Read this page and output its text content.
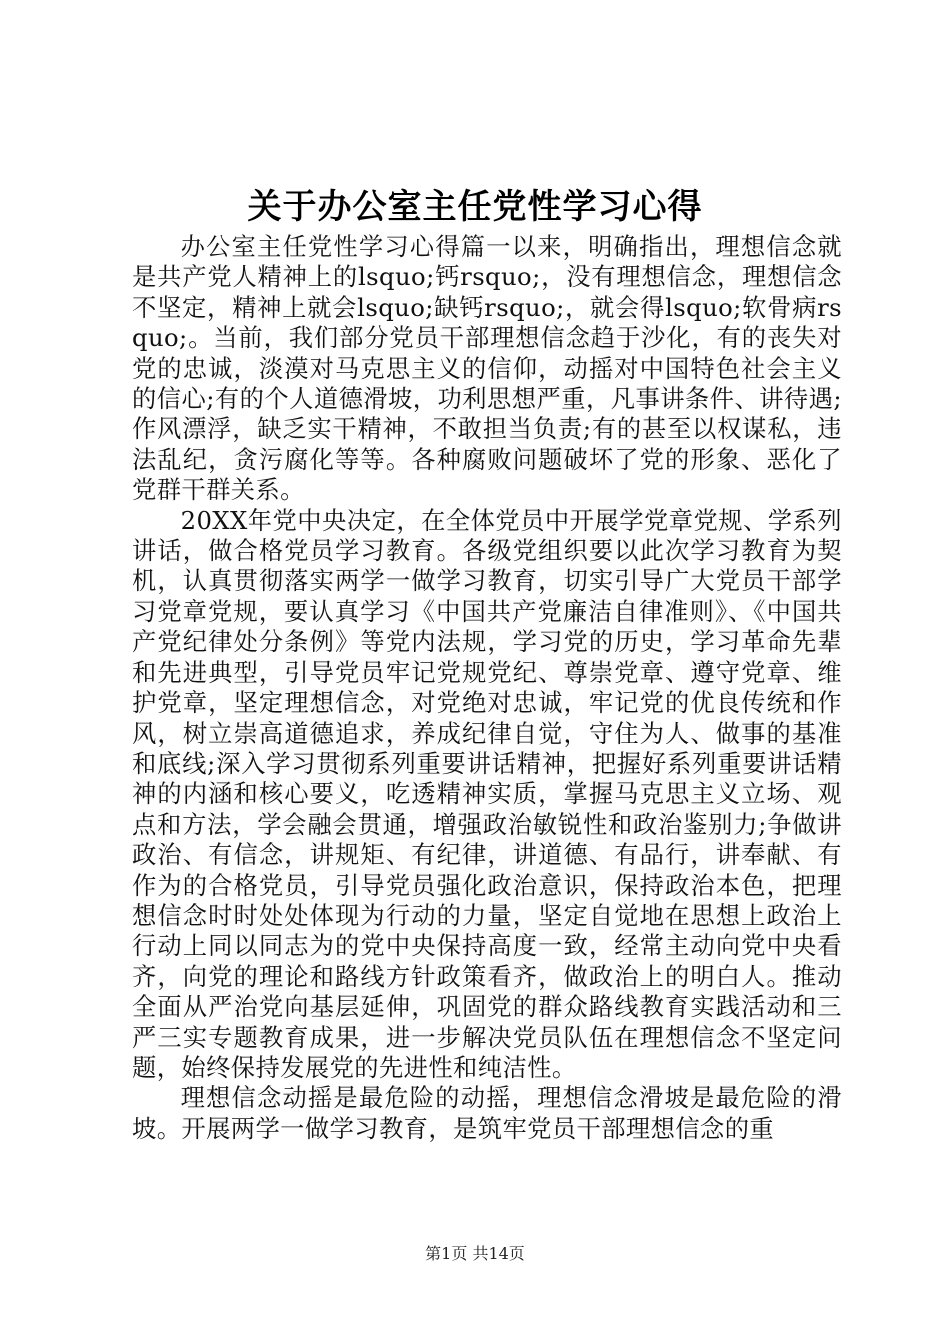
关于办公室主任党性学习心得

办公室主任党性学习心得篇一以来，明确指出，理想信念就是共产党人精神上的lsquo;钙rsquo;，没有理想信念，理想信念不坚定，精神上就会lsquo;缺钙rsquo;，就会得lsquo;软骨病rsquo;。当前，我们部分党员干部理想信念趋于沙化，有的丧失对党的忠诚，淡漠对马克思主义的信仰，动摇对中国特色社会主义的信心;有的个人道德滑坡，功利思想严重，凡事讲条件、讲待遇;作风漂浮，缺乏实干精神，不敢担当负责;有的甚至以权谋私，违法乱纪，贪污腐化等等。各种腐败问题破坏了党的形象、恶化了党群干群关系。

20XX年党中央决定，在全体党员中开展学党章党规、学系列讲话，做合格党员学习教育。各级党组织要以此次学习教育为契机，认真贯彻落实两学一做学习教育，切实引导广大党员干部学习党章党规，要认真学习《中国共产党廉洁自律准则》、《中国共产党纪律处分条例》等党内法规，学习党的历史，学习革命先辈和先进典型，引导党员牢记党规党纪、尊崇党章、遵守党章、维护党章，坚定理想信念，对党绝对忠诚，牢记党的优良传统和作风，树立崇高道德追求，养成纪律自觉，守住为人、做事的基准和底线;深入学习贯彻系列重要讲话精神，把握好系列重要讲话精神的内涵和核心要义，吃透精神实质，掌握马克思主义立场、观点和方法，学会融会贯通，增强政治敏锐性和政治鉴别力;争做讲政治、有信念，讲规矩、有纪律，讲道德、有品行，讲奉献、有作为的合格党员，引导党员强化政治意识，保持政治本色，把理想信念时时处处体现为行动的力量，坚定自觉地在思想上政治上行动上同以同志为的党中央保持高度一致，经常主动向党中央看齐，向党的理论和路线方针政策看齐，做政治上的明白人。推动全面从严治党向基层延伸，巩固党的群众路线教育实践活动和三严三实专题教育成果，进一步解决党员队伍在理想信念不坚定问题，始终保持发展党的先进性和纯洁性。

理想信念动摇是最危险的动摇，理想信念滑坡是最危险的滑坡。开展两学一做学习教育，是筑牢党员干部理想信念的重

第1页 共14页
